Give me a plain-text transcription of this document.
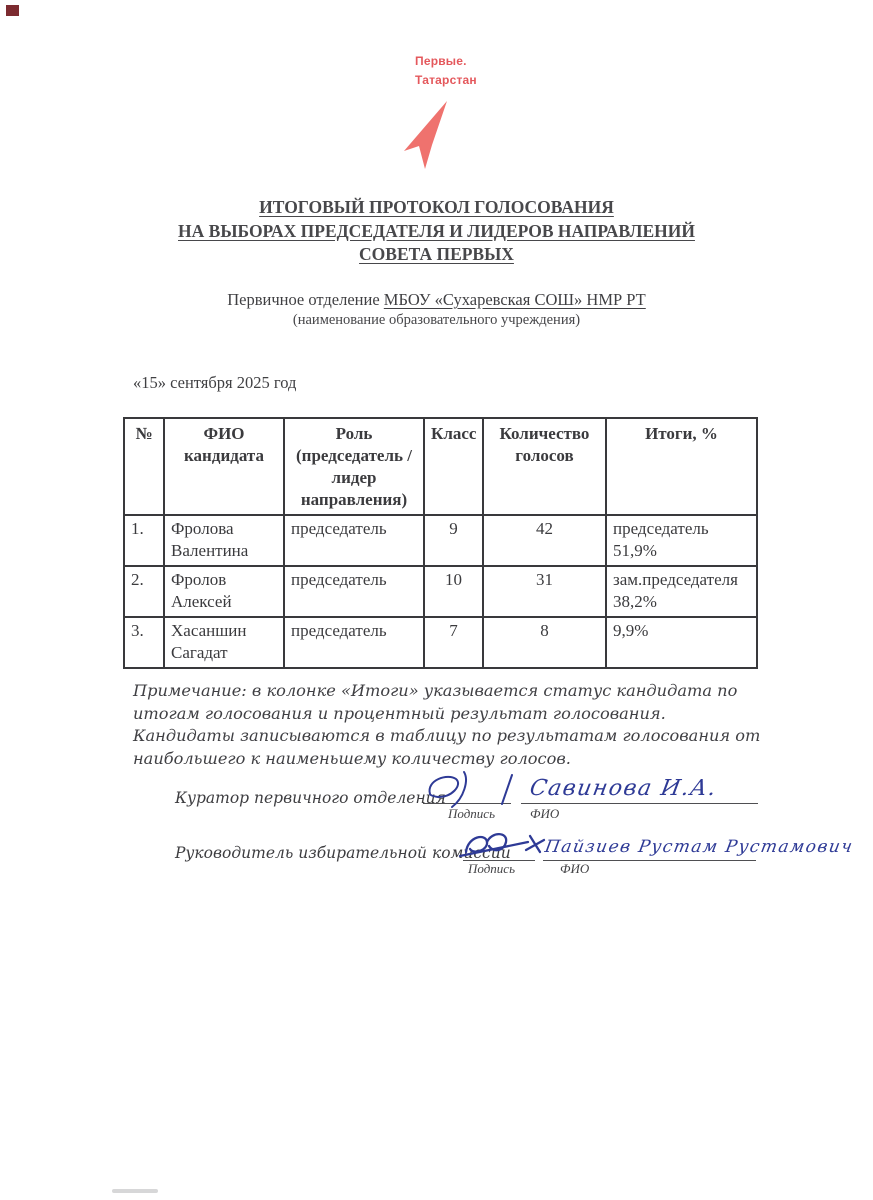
Первые.
Татарстан
ИТОГОВЫЙ ПРОТОКОЛ ГОЛОСОВАНИЯ
НА ВЫБОРАХ ПРЕДСЕДАТЕЛЯ И ЛИДЕРОВ НАПРАВЛЕНИЙ
СОВЕТА ПЕРВЫХ
Первичное отделение МБОУ «Сухаревская СОШ» НМР РТ
(наименование образовательного учреждения)
«15» сентября 2025 год
№	ФИО кандидата	Роль (председатель / лидер направления)	Класс	Количество голосов	Итоги, %
1.	Фролова Валентина	председатель	9	42	председатель 51,9%
2.	Фролов Алексей	председатель	10	31	зам.председателя 38,2%
3.	Хасаншин Сагадат	председатель	7	8	9,9%
Примечание: в колонке «Итоги» указывается статус кандидата по итогам голосования и процентный результат голосования. Кандидаты записываются в таблицу по результатам голосования от наибольшего к наименьшему количеству голосов.
Куратор первичного отделения	Савинова И.А.
Подпись	ФИО
Руководитель избирательной комиссии Пайзиев Рустам Рустамович
Подпись	ФИО
